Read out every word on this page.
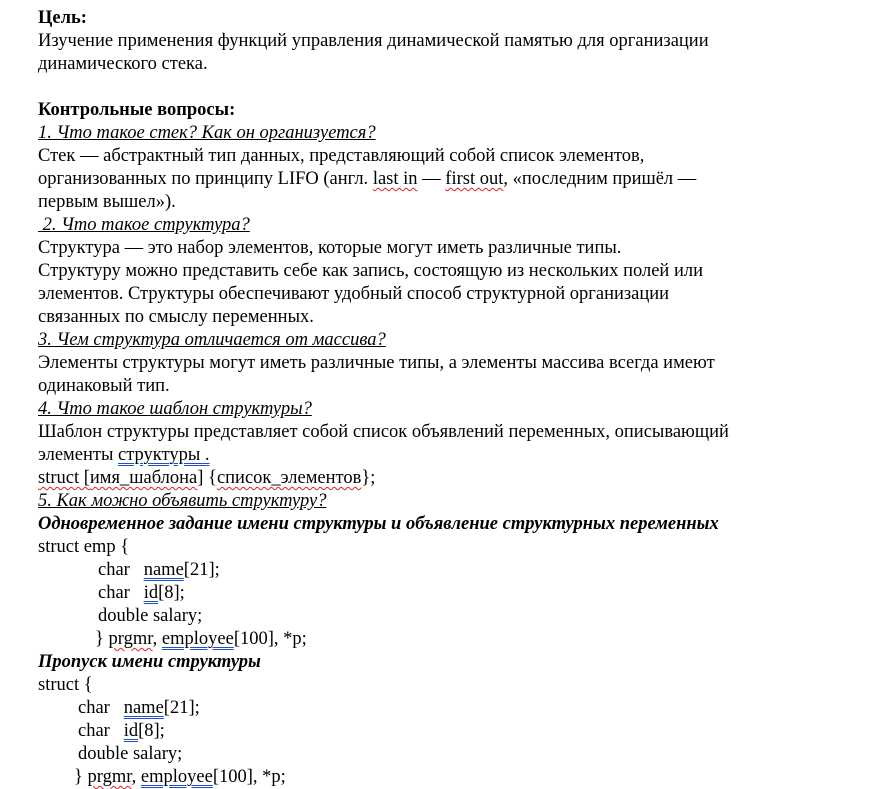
Цель:
Изучение применения функций управления динамической памятью для организации
динамического стека.
Контрольные вопросы:
1. Что такое стек? Как он организуется?
Стек — абстрактный тип данных, представляющий собой список элементов,
организованных по принципу LIFO (англ. last in — first out, «последним пришёл —
первым вышел»).
2. Что такое структура?
Структура — это набор элементов, которые могут иметь различные типы.
Структуру можно представить себе как запись, состоящую из нескольких полей или
элементов. Структуры обеспечивают удобный способ структурной организации
связанных по смыслу переменных.
3. Чем структура отличается от массива?
Элементы структуры могут иметь различные типы, а элементы массива всегда имеют
одинаковый тип.
4. Что такое шаблон структуры?
Шаблон структуры представляет собой список объявлений переменных, описывающий
элементы структуры .
struct [имя_шаблона] {список_элементов};
5. Как можно объявить структуру?
Одновременное задание имени структуры и объявление структурных переменных
struct emp {
char   name[21];
char   id[8];
double salary;
} prgmr, employee[100], *p;
Пропуск имени структуры
struct {
char   name[21];
char   id[8];
double salary;
} prgmr, employee[100], *p;
